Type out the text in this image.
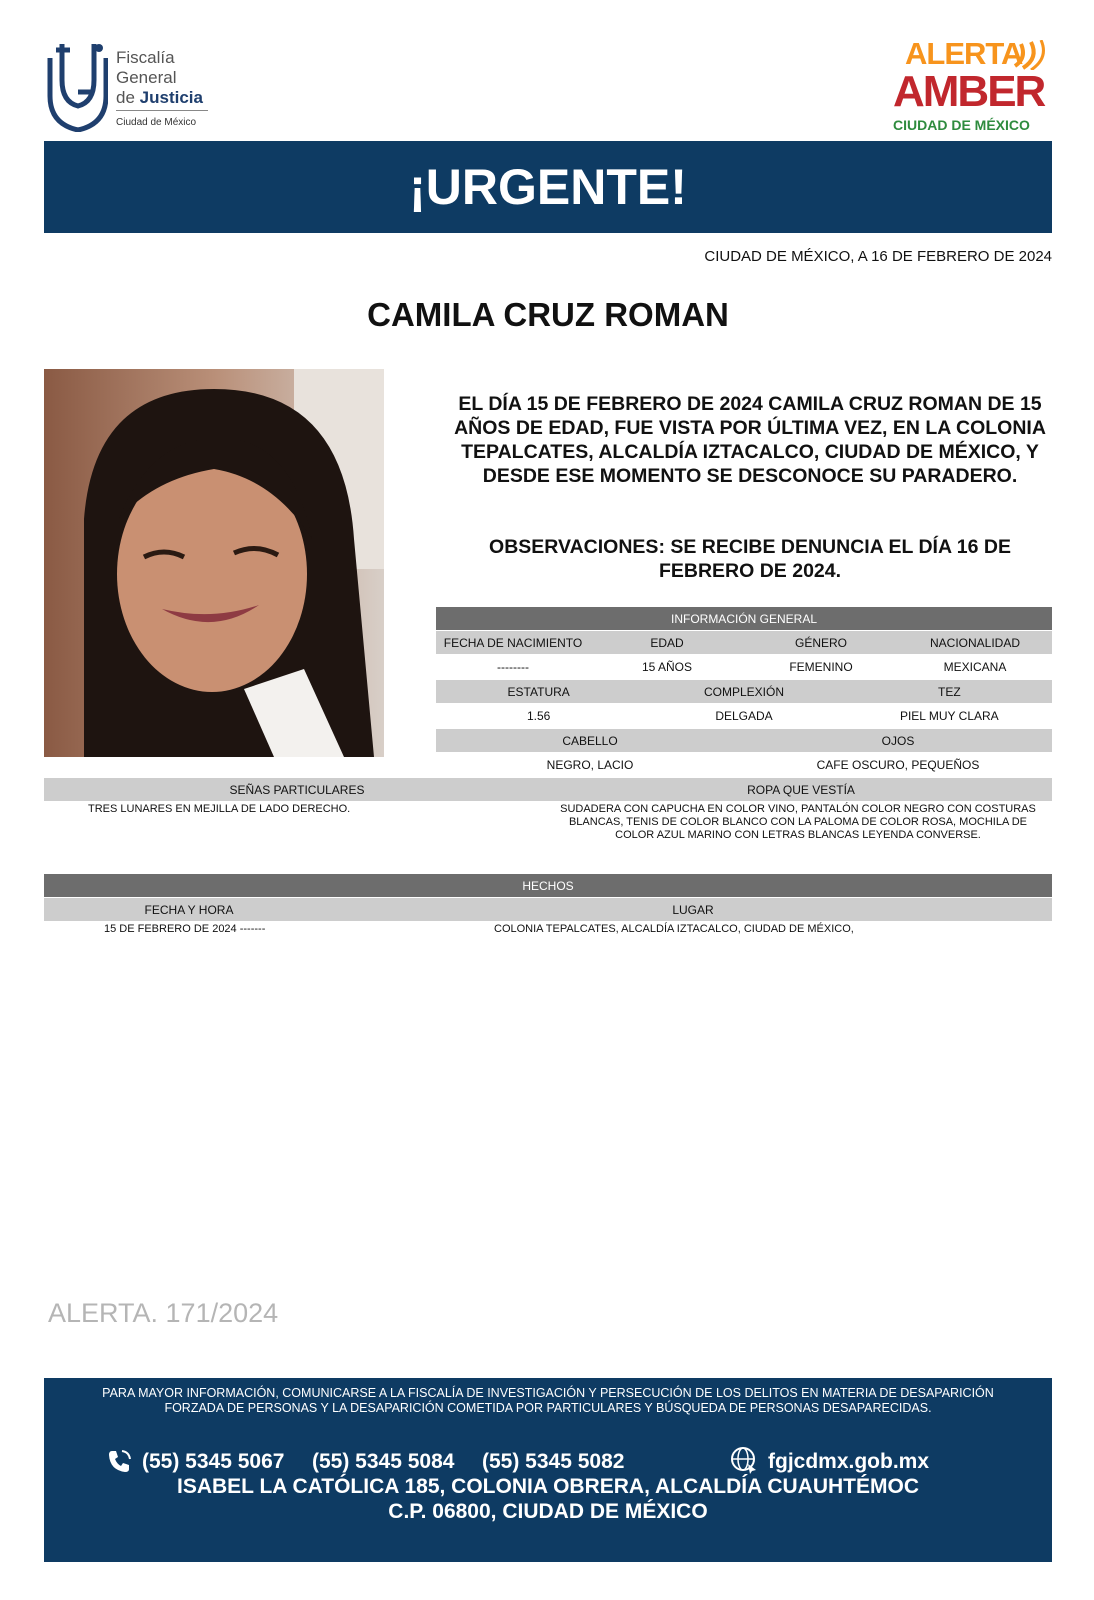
Fiscalía
General
de Justicia
Ciudad de México
ALERTA
AMBER
CIUDAD DE MÉXICO
¡URGENTE!
CIUDAD DE MÉXICO, A 16 DE FEBRERO DE 2024
CAMILA CRUZ ROMAN
EL DÍA 15 DE FEBRERO DE 2024 CAMILA CRUZ ROMAN DE 15 AÑOS DE EDAD, FUE VISTA POR ÚLTIMA VEZ, EN LA COLONIA TEPALCATES, ALCALDÍA IZTACALCO, CIUDAD DE MÉXICO, Y DESDE ESE MOMENTO SE DESCONOCE SU PARADERO.
OBSERVACIONES: SE RECIBE DENUNCIA EL DÍA 16 DE FEBRERO DE 2024.
INFORMACIÓN GENERAL
FECHA DE NACIMIENTO	EDAD	GÉNERO	NACIONALIDAD
--------	15 AÑOS	FEMENINO	MEXICANA
ESTATURA	COMPLEXIÓN	TEZ
1.56	DELGADA	PIEL MUY CLARA
CABELLO	OJOS
NEGRO, LACIO	CAFE OSCURO, PEQUEÑOS
SEÑAS PARTICULARES	ROPA QUE VESTÍA
TRES LUNARES EN MEJILLA DE LADO DERECHO.	SUDADERA CON CAPUCHA EN COLOR VINO, PANTALÓN COLOR NEGRO CON COSTURAS BLANCAS, TENIS DE COLOR BLANCO CON LA PALOMA DE COLOR ROSA, MOCHILA DE COLOR AZUL MARINO CON LETRAS BLANCAS LEYENDA CONVERSE.
HECHOS
FECHA Y HORA	LUGAR
15 DE FEBRERO DE 2024 -------	COLONIA TEPALCATES, ALCALDÍA IZTACALCO, CIUDAD DE MÉXICO,
ALERTA. 171/2024
PARA MAYOR INFORMACIÓN, COMUNICARSE A LA FISCALÍA DE INVESTIGACIÓN Y PERSECUCIÓN DE LOS DELITOS EN MATERIA DE DESAPARICIÓN FORZADA DE PERSONAS Y LA DESAPARICIÓN COMETIDA POR PARTICULARES Y BÚSQUEDA DE PERSONAS DESAPARECIDAS.
(55) 5345 5067 (55) 5345 5084 (55) 5345 5082	fgjcdmx.gob.mx
ISABEL LA CATÓLICA 185, COLONIA OBRERA, ALCALDÍA CUAUHTÉMOC
C.P. 06800, CIUDAD DE MÉXICO
